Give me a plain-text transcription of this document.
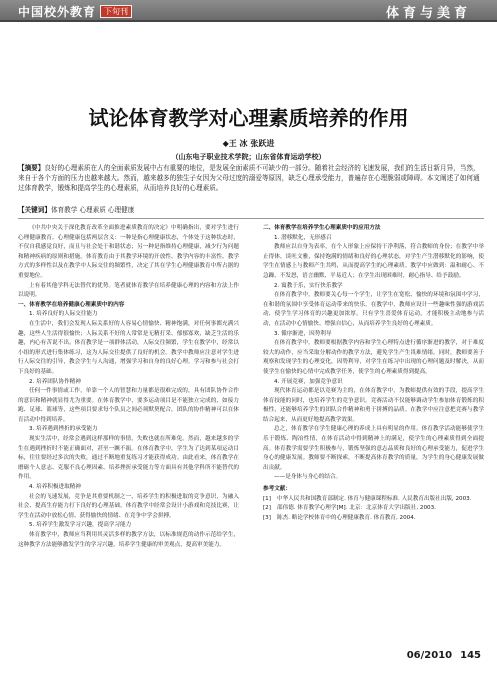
中国校外教育 下旬刊	体育与美育
试论体育教学对心理素质培养的作用
◆王 冰 张跃进
（山东电子职业技术学院；山东省体育运动学校）
【摘要】良好的心理素质在人的全面素质发展中占有重要的地位，是发展全面素质不可缺少的一部分。随着社会经济的飞速发展，我们的生活日新月异，当然，来自于各个方面的压力也越来越大。然而，越来越多的独生子女因为父母过度的溺爱等原因，缺乏心理承受能力，普遍存在心理脆弱或障碍。本文阐述了如何通过体育教学，锻炼和提高学生的心理素质，从而培养良好的心理素质。
【关键词】体育教学 心理素质 心理健康

《中共中央关于深化教育改革全面推进素质教育的决定》中明确指出，要对学生进行心理健康教育。心理健康包括两层含义：一种是指心理健康状态，个体处于这种状态时，不仅自我感觉良好，而且与社会处于和谐状态；另一种是指维持心理健康，减少行为问题和精神疾病的原则和措施。体育教育由于其教学环境的开放性、教学内容的丰富性、教学方式的多样性以及在教学中人际交往的频繁性，决定了其在学生心理健康教育中所占据的重要地位。

上有着其他学科无法替代的优势。笔者就体育教学在培养健康心理的内容和方法上作以说明。

一、体育教学在培养健康心理素质中的内容

1. 培养良好的人际交往能力

在生活中，我们会发现人际关系好的人容易心情愉快、精神饱满，对任何事都充满兴趣，这些人生活得很愉快；人际关系不好的人常常是无精打采、郁郁寡欢，缺乏生活的乐趣，内心有苦说不出。体育教学是一项群体活动，人际交往频繁，学生在教学中，经常以小组的形式进行集体练习，这为人际交往提供了良好的机会。教学中教师应注意对学生进行人际交往的引导，教会学生与人沟通，增强学习和自身的良好心理。学习和参与社会打下良好的基础。

2. 培养团队协作精神

任何一件事情或工作，单靠一个人的智慧和力量都是很难完成的，具有团队协作合作的意识和精神就显得尤为重要。在体育教学中，要多运动项目是不能独立完成的，如接力跑、足球、篮球等，这些项目要求每个队员之间必须默契配合，团队的协作精神可以在体育活动中得到培养。

3. 培养遇到挫折的承受能力

现实生活中，经常会遇到这样那样的事情，失败也就在所难免。然而，越来越多的学生在遇到挫折时不能正确面对，甚至一蹶不振。在体育教学中，学生为了达到某项运动目标，往往要经过多次的失败，通过不断地重复练习才能获得成功。由此看来，体育教学在磨砺个人意志、克服不良心理因素、培养挫折承受能力等方面具有其他学科所不能替代的作用。

4. 培养积极进取精神

社会的飞速发展，竞争是其重要机制之一，培养学生的积极进取的竞争意识，为融入社会、提高生存能力打下良好的心理基础。体育教学中经常会设计小游戏和竞技比赛，让学生在活动中放松心情、获得愉快的情绪、在竞争中学会拼搏。

5. 培养学生激发学习兴趣，提高学习能力

体育教学中，教师应当利用其灵活多样的教学方法，以标准规范的动作示范给学生，这种教学方法能够激发学生的学习兴趣，培养学生健康的审美观点，提高审美能力。

二、体育教学在培养学生心理素质中的应用方法

1. 潜移默化，无形感召

教师应以自身为表率，在个人形象上应保持干净利落，符合教师的身份；在教学中举止得体，谈吐文雅，保持饱满的情绪和良好的心理状态，对学生产生潜移默化的影响，使学生在情感上与教师产生共鸣，从而提高学生的心理素质。教学中应做到：温和耐心、不急躁、不发怒，语言幽默、平易近人；在学生出现困难时，耐心指导、给予鼓励。

2. 寓教于乐，实行快乐教学

在体育教学中，教师要关心每一个学生，让学生在宽松、愉快的环境和氛围中学习，在和谐的氛围中享受体育运动带来的快乐。在教学中，教师应设计一些趣味性强的游戏活动，使学生学习体育的兴趣更加浓厚。只有学生喜爱体育运动，才能积极主动地参与活动，在活动中心情愉快、增强自信心，从而培养学生良好的心理素质。

3. 循序渐进，因势利导

在体育教学中，教师要根据教学内容和学生心理特点进行循序渐进的教学，对于难度较大的动作，应当采取分解动作的教学方法，避免学生产生畏难情绪。同时，教师要善于观察和发现学生的心理变化，因势利导，对学生在练习中出现的心理问题及时解决，从而使学生在愉快的心情中完成教学任务，使学生的心理素质得到提高。

4. 开展竞赛，加强竞争意识

现代体育运动都是以竞赛为主的，在体育教学中，为教师提供有效的手段，提高学生体育技能的同时，也培养学生的竞争意识。竞赛活动不仅能够调动学生参加体育锻炼的积极性，还能够培养学生的团队合作精神和勇于拼搏的品质。在教学中应注意把竞赛与教学结合起来，从而更好地提高教学效果。

总之，体育教学在学生健康心理的养成上具有明显的作用。体育教学活动能够使学生乐于锻炼、陶冶性情，在体育活动中得到精神上的满足，使学生的心理素质得到全面提高。体育教学需要学生积极参与，锻炼坚强的意志品质和良好的心理承受能力，促进学生身心的健康发展。教师要不断探索，不断提高体育教学的质量，为学生的身心健康发展做出贡献。

——是身体与身心的结合。

参考文献：

[1] 中华人民共和国教育部制定. 体育与健康课程标准. 人民教育出版社出版, 2003.

[2] 邵伟德. 体育教学心理学[M]. 北京：北京体育大学出版社, 2003.

[3] 陈杰. 略论学校体育中的心理健康教育. 体育教育, 2004.

06/2010 145
